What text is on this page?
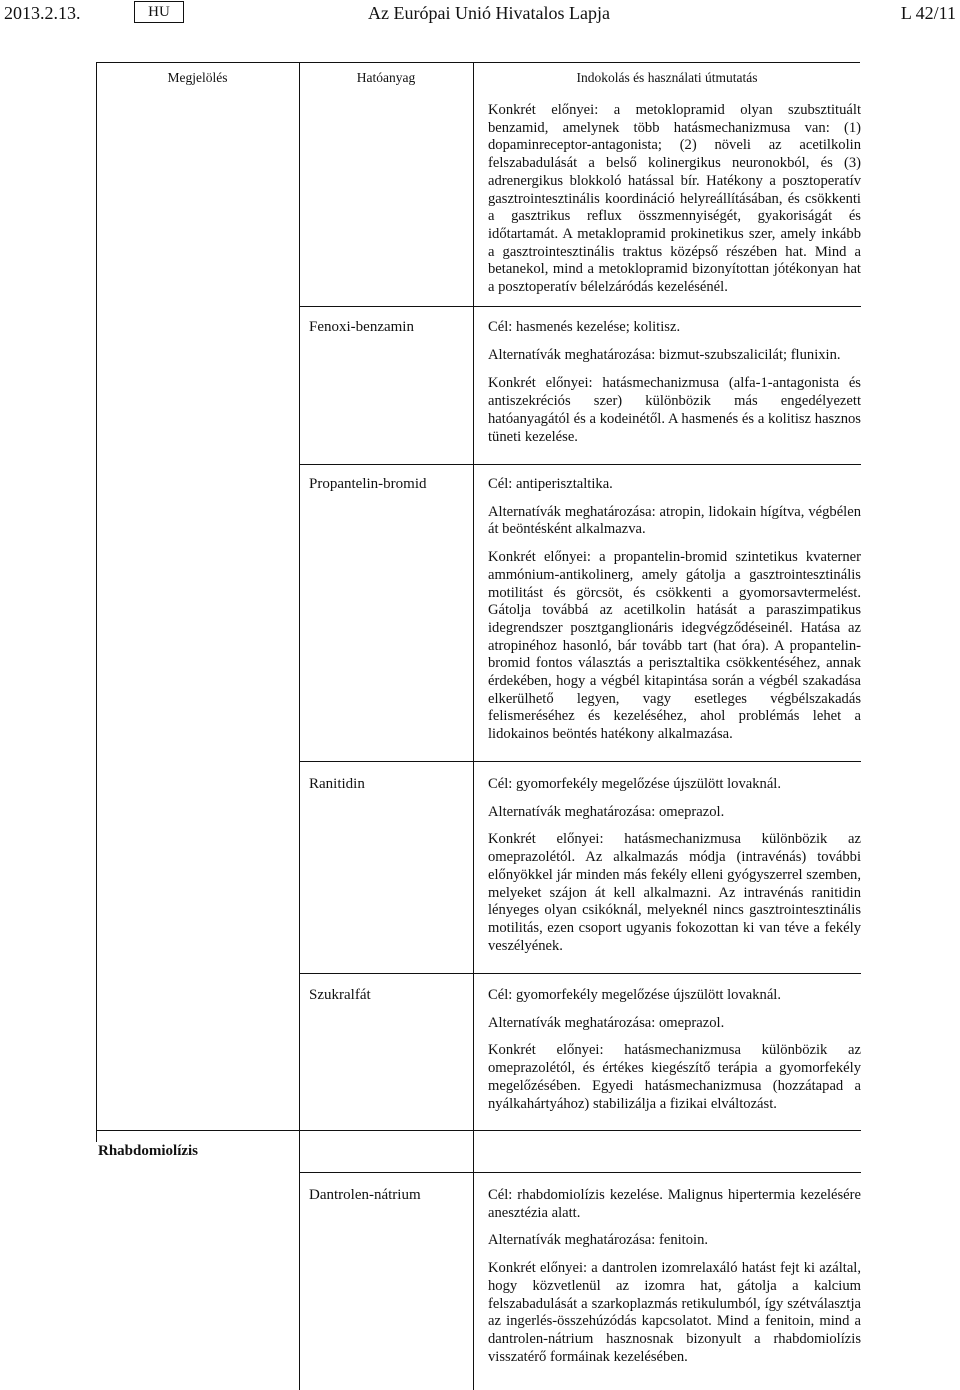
2013.2.13.	HU	Az Európai Unió Hivatalos Lapja	L 42/11
Megjelölés	Hatóanyag	Indokolás és használati útmutatás

Konkrét előnyei: a metoklopramid olyan szubsztituált benzamid, amelynek több hatásmechanizmusa van: (1) dopaminreceptor-antagonista; (2) növeli az acetilkolin felszabadulását a belső kolinergikus neuronokból, és (3) adrenergikus blokkoló hatással bír. Hatékony a posztoperatív gasztrointesztinális koordináció helyreállításában, és csökkenti a gasztrikus reflux összmennyiségét, gyakoriságát és időtartamát. A metaklopramid prokinetikus szer, amely inkább a gasztrointesztinális traktus középső részében hat. Mind a betanekol, mind a metoklopramid bizonyítottan jótékonyan hat a posztoperatív bélelzáródás kezelésénél.

Fenoxi-benzamin	Cél: hasmenés kezelése; kolitisz.

Alternatívák meghatározása: bizmut-szubszalicilát; flunixin.

Konkrét előnyei: hatásmechanizmusa (alfa-1-antagonista és antiszekréciós szer) különbözik más engedélyezett hatóanyagától és a kodeinétől. A hasmenés és a kolitisz hasznos tüneti kezelése.

Propantelin-bromid	Cél: antiperisztaltika.

Alternatívák meghatározása: atropin, lidokain hígítva, végbélen át beöntésként alkalmazva.

Konkrét előnyei: a propantelin-bromid szintetikus kvaterner ammónium-antikolinerg, amely gátolja a gasztrointesztinális motilitást és görcsöt, és csökkenti a gyomorsavtermelést. Gátolja továbbá az acetilkolin hatását a paraszimpatikus idegrendszer posztganglionáris idegvégződéseinél. Hatása az atropinéhoz hasonló, bár tovább tart (hat óra). A propantelin-bromid fontos választás a perisztaltika csökkentéséhez, annak érdekében, hogy a végbél kitapintása során a végbél szakadása elkerülhető legyen, vagy esetleges végbélszakadás felismeréséhez és kezeléséhez, ahol problémás lehet a lidokainos beöntés hatékony alkalmazása.

Ranitidin	Cél: gyomorfekély megelőzése újszülött lovaknál.

Alternatívák meghatározása: omeprazol.

Konkrét előnyei: hatásmechanizmusa különbözik az omeprazolétól. Az alkalmazás módja (intravénás) további előnyökkel jár minden más fekély elleni gyógyszerrel szemben, melyeket szájon át kell alkalmazni. Az intravénás ranitidin lényeges olyan csikóknál, melyeknél nincs gasztrointesztinális motilitás, ezen csoport ugyanis fokozottan ki van téve a fekély veszélyének.

Szukralfát	Cél: gyomorfekély megelőzése újszülött lovaknál.

Alternatívák meghatározása: omeprazol.

Konkrét előnyei: hatásmechanizmusa különbözik az omeprazolétól, és értékes kiegészítő terápia a gyomorfekély megelőzésében. Egyedi hatásmechanizmusa (hozzátapad a nyálkahártyához) stabilizálja a fizikai elváltozást.

Rhabdomiolízis
Dantrolen-nátrium	Cél: rhabdomiolízis kezelése. Malignus hipertermia kezelésére anesztézia alatt.

Alternatívák meghatározása: fenitoin.

Konkrét előnyei: a dantrolen izomrelaxáló hatást fejt ki azáltal, hogy közvetlenül az izomra hat, gátolja a kalcium felszabadulását a szarkoplazmás retikulumból, így szétválasztja az ingerlés-összehúzódás kapcsolatot. Mind a fenitoin, mind a dantrolen-nátrium hasznosnak bizonyult a rhabdomiolízis visszatérő formáinak kezelésében.
